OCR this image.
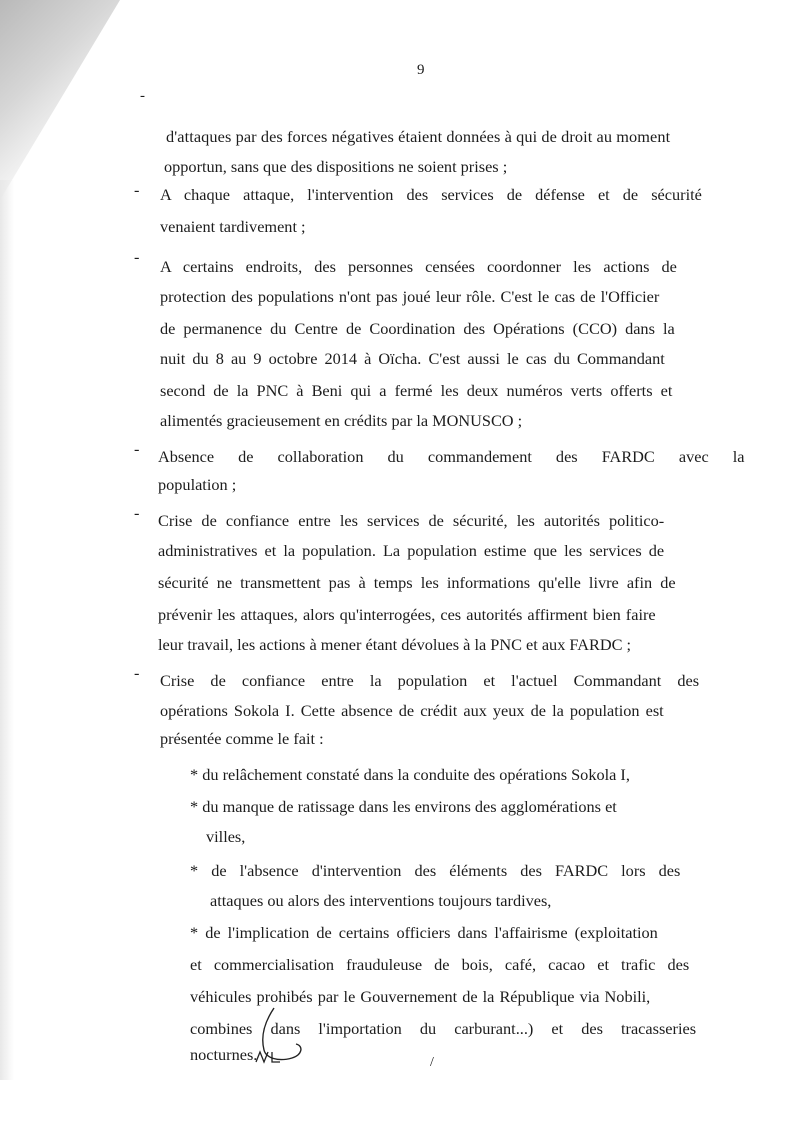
9
-
-
-
-
-
-
d'attaques par des forces négatives étaient données à qui de droit au moment
opportun, sans que des dispositions ne soient prises ;
A chaque attaque, l'intervention des services de défense et de sécurité
venaient tardivement ;
A certains endroits, des personnes censées coordonner les actions de
protection des populations n'ont pas joué leur rôle. C'est le cas de l'Officier
de permanence du Centre de Coordination des Opérations (CCO) dans la
nuit du 8 au 9 octobre 2014 à Oïcha. C'est aussi le cas du Commandant
second de la PNC à Beni qui a fermé les deux numéros verts offerts et
alimentés gracieusement en crédits par la MONUSCO ;
Absence de collaboration du commandement des FARDC avec la
population ;
Crise de confiance entre les services de sécurité, les autorités politico-
administratives et la population. La population estime que les services de
sécurité ne transmettent pas à temps les informations qu'elle livre afin de
prévenir les attaques, alors qu'interrogées, ces autorités affirment bien faire
leur travail, les actions à mener étant dévolues à la PNC et aux FARDC ;
Crise de confiance entre la population et l'actuel Commandant des
opérations Sokola I. Cette absence de crédit aux yeux de la population est
présentée comme le fait :
* du relâchement constaté dans la conduite des opérations Sokola I,
* du manque de ratissage dans les environs des agglomérations et
villes,
* de l'absence d'intervention des éléments des FARDC lors des
attaques ou alors des interventions toujours tardives,
* de l'implication de certains officiers dans l'affairisme (exploitation
et commercialisation frauduleuse de bois, café, cacao et trafic des
véhicules prohibés par le Gouvernement de la République via Nobili,
combines dans l'importation du carburant...) et des tracasseries
nocturnes.	/
